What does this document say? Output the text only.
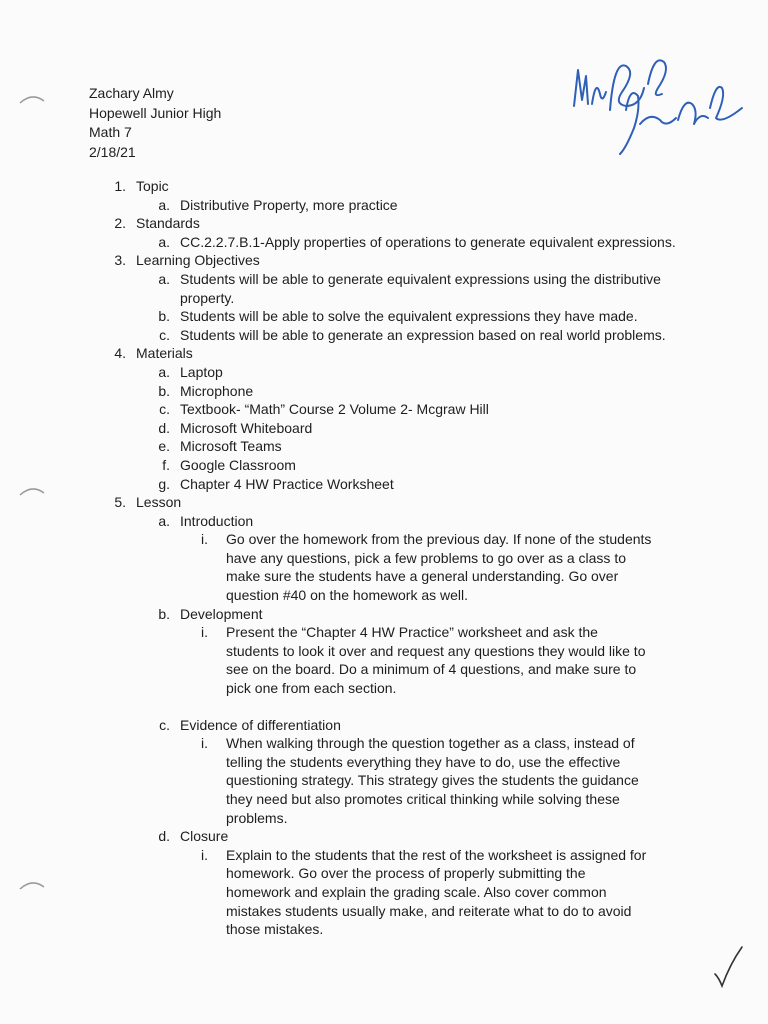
Zachary Almy
Hopewell Junior High
Math 7
2/18/21
1. Topic
a. Distributive Property, more practice
2. Standards
a. CC.2.2.7.B.1-Apply properties of operations to generate equivalent expressions.
3. Learning Objectives
a. Students will be able to generate equivalent expressions using the distributive property.
b. Students will be able to solve the equivalent expressions they have made.
c. Students will be able to generate an expression based on real world problems.
4. Materials
a. Laptop
b. Microphone
c. Textbook- “Math” Course 2 Volume 2- Mcgraw Hill
d. Microsoft Whiteboard
e. Microsoft Teams
f. Google Classroom
g. Chapter 4 HW Practice Worksheet
5. Lesson
a. Introduction
i. Go over the homework from the previous day. If none of the students have any questions, pick a few problems to go over as a class to make sure the students have a general understanding. Go over question #40 on the homework as well.
b. Development
i. Present the “Chapter 4 HW Practice” worksheet and ask the students to look it over and request any questions they would like to see on the board. Do a minimum of 4 questions, and make sure to pick one from each section.
c. Evidence of differentiation
i. When walking through the question together as a class, instead of telling the students everything they have to do, use the effective questioning strategy. This strategy gives the students the guidance they need but also promotes critical thinking while solving these problems.
d. Closure
i. Explain to the students that the rest of the worksheet is assigned for homework. Go over the process of properly submitting the homework and explain the grading scale. Also cover common mistakes students usually make, and reiterate what to do to avoid those mistakes.
